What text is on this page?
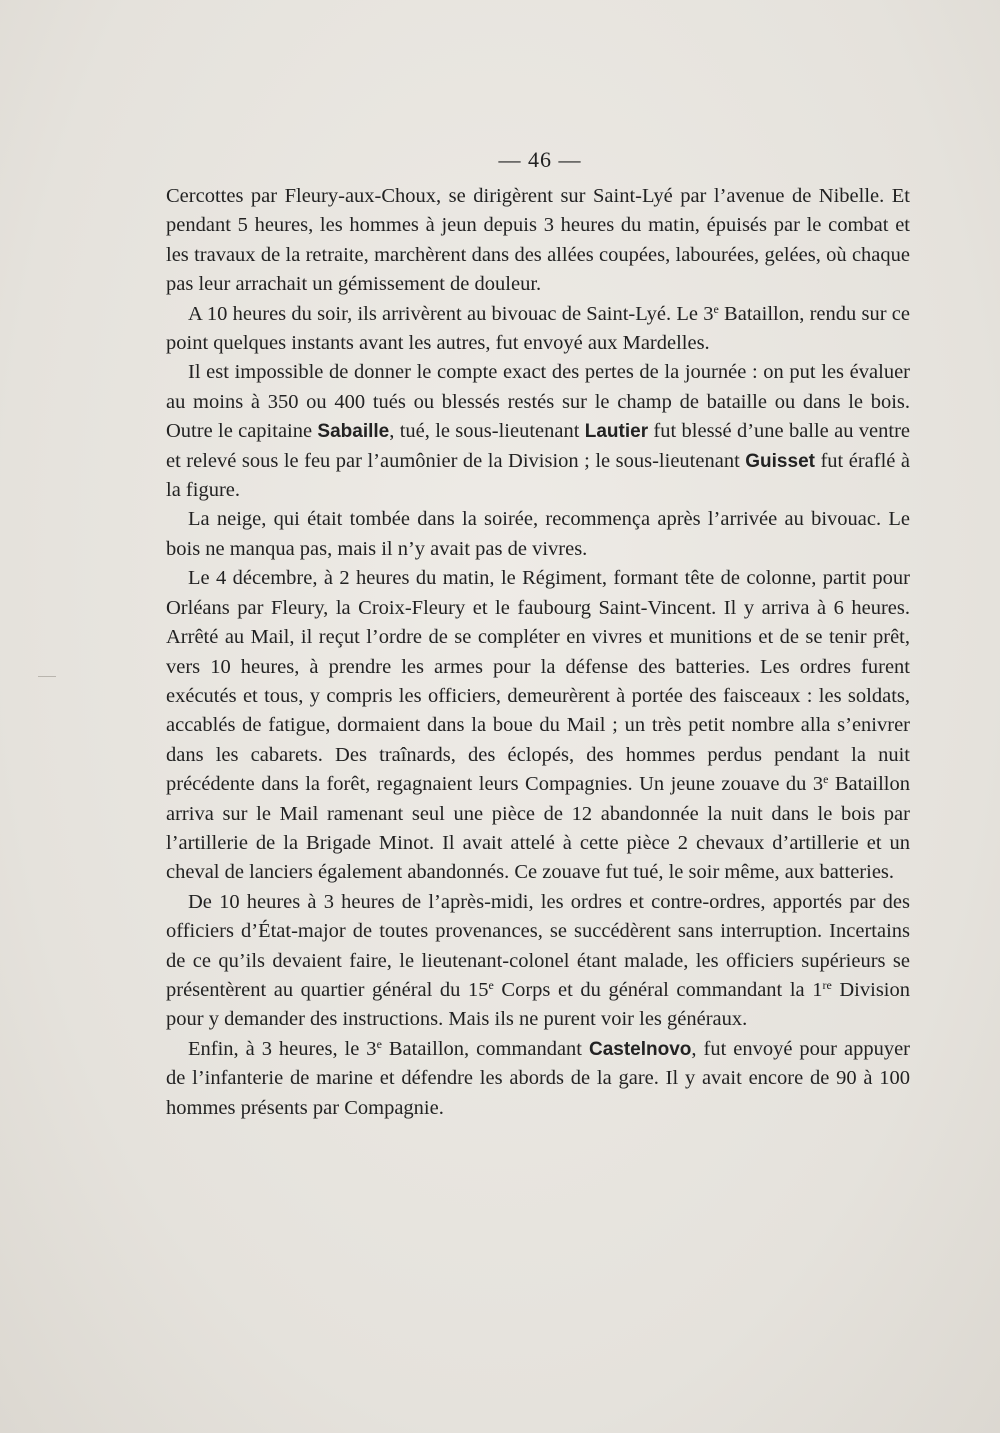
— 46 —

Cercottes par Fleury-aux-Choux, se dirigèrent sur Saint-Lyé par l’avenue de Nibelle. Et pendant 5 heures, les hommes à jeun depuis 3 heures du matin, épuisés par le combat et les travaux de la retraite, marchèrent dans des allées coupées, labourées, gelées, où chaque pas leur arrachait un gémissement de douleur.

A 10 heures du soir, ils arrivèrent au bivouac de Saint-Lyé. Le 3e Bataillon, rendu sur ce point quelques instants avant les autres, fut envoyé aux Mardelles.

Il est impossible de donner le compte exact des pertes de la journée : on put les évaluer au moins à 350 ou 400 tués ou blessés restés sur le champ de bataille ou dans le bois. Outre le capitaine Sabaille, tué, le sous-lieutenant Lautier fut blessé d’une balle au ventre et relevé sous le feu par l’aumônier de la Division ; le sous-lieutenant Guisset fut éraflé à la figure.

La neige, qui était tombée dans la soirée, recommença après l’arrivée au bivouac. Le bois ne manqua pas, mais il n’y avait pas de vivres.

Le 4 décembre, à 2 heures du matin, le Régiment, formant tête de colonne, partit pour Orléans par Fleury, la Croix-Fleury et le faubourg Saint-Vincent. Il y arriva à 6 heures. Arrêté au Mail, il reçut l’ordre de se compléter en vivres et munitions et de se tenir prêt, vers 10 heures, à prendre les armes pour la défense des batteries. Les ordres furent exécutés et tous, y compris les officiers, demeurèrent à portée des faisceaux : les soldats, accablés de fatigue, dormaient dans la boue du Mail ; un très petit nombre alla s’enivrer dans les cabarets. Des traînards, des éclopés, des hommes perdus pendant la nuit précédente dans la forêt, regagnaient leurs Compagnies. Un jeune zouave du 3e Bataillon arriva sur le Mail ramenant seul une pièce de 12 abandonnée la nuit dans le bois par l’artillerie de la Brigade Minot. Il avait attelé à cette pièce 2 chevaux d’artillerie et un cheval de lanciers également abandonnés. Ce zouave fut tué, le soir même, aux batteries.

De 10 heures à 3 heures de l’après-midi, les ordres et contre-ordres, apportés par des officiers d’État-major de toutes provenances, se succédèrent sans interruption. Incertains de ce qu’ils devaient faire, le lieutenant-colonel étant malade, les officiers supérieurs se présentèrent au quartier général du 15e Corps et du général commandant la 1re Division pour y demander des instructions. Mais ils ne purent voir les généraux.

Enfin, à 3 heures, le 3e Bataillon, commandant Castelnovo, fut envoyé pour appuyer de l’infanterie de marine et défendre les abords de la gare. Il y avait encore de 90 à 100 hommes présents par Compagnie.
